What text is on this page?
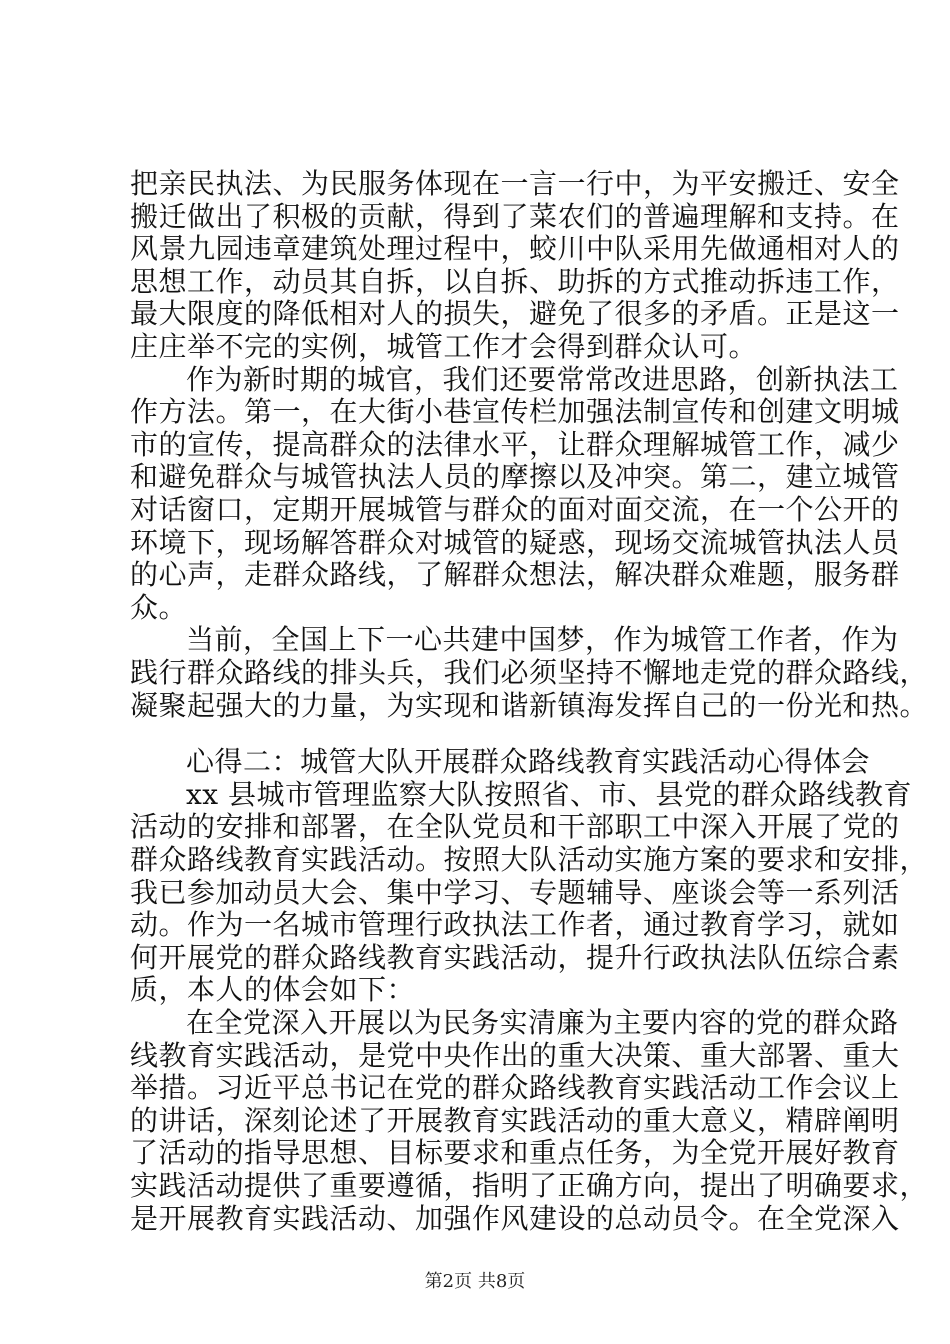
把亲民执法、为民服务体现在一言一行中，为平安搬迁、安全
搬迁做出了积极的贡献，得到了菜农们的普遍理解和支持。在
风景九园违章建筑处理过程中，蛟川中队采用先做通相对人的
思想工作，动员其自拆，以自拆、助拆的方式推动拆违工作，
最大限度的降低相对人的损失，避免了很多的矛盾。正是这一
庄庄举不完的实例，城管工作才会得到群众认可。
作为新时期的城官，我们还要常常改进思路，创新执法工
作方法。第一，在大街小巷宣传栏加强法制宣传和创建文明城
市的宣传，提高群众的法律水平，让群众理解城管工作，减少
和避免群众与城管执法人员的摩擦以及冲突。第二，建立城管
对话窗口，定期开展城管与群众的面对面交流，在一个公开的
环境下，现场解答群众对城管的疑惑，现场交流城管执法人员
的心声，走群众路线，了解群众想法，解决群众难题，服务群
众。
当前，全国上下一心共建中国梦，作为城管工作者，作为
践行群众路线的排头兵，我们必须坚持不懈地走党的群众路线，
凝聚起强大的力量，为实现和谐新镇海发挥自己的一份光和热。
心得二：城管大队开展群众路线教育实践活动心得体会
xx 县城市管理监察大队按照省、市、县党的群众路线教育
活动的安排和部署，在全队党员和干部职工中深入开展了党的
群众路线教育实践活动。按照大队活动实施方案的要求和安排，
我已参加动员大会、集中学习、专题辅导、座谈会等一系列活
动。作为一名城市管理行政执法工作者，通过教育学习，就如
何开展党的群众路线教育实践活动，提升行政执法队伍综合素
质，本人的体会如下：
在全党深入开展以为民务实清廉为主要内容的党的群众路
线教育实践活动，是党中央作出的重大决策、重大部署、重大
举措。习近平总书记在党的群众路线教育实践活动工作会议上
的讲话，深刻论述了开展教育实践活动的重大意义，精辟阐明
了活动的指导思想、目标要求和重点任务，为全党开展好教育
实践活动提供了重要遵循，指明了正确方向，提出了明确要求，
是开展教育实践活动、加强作风建设的总动员令。在全党深入
第2页 共8页
